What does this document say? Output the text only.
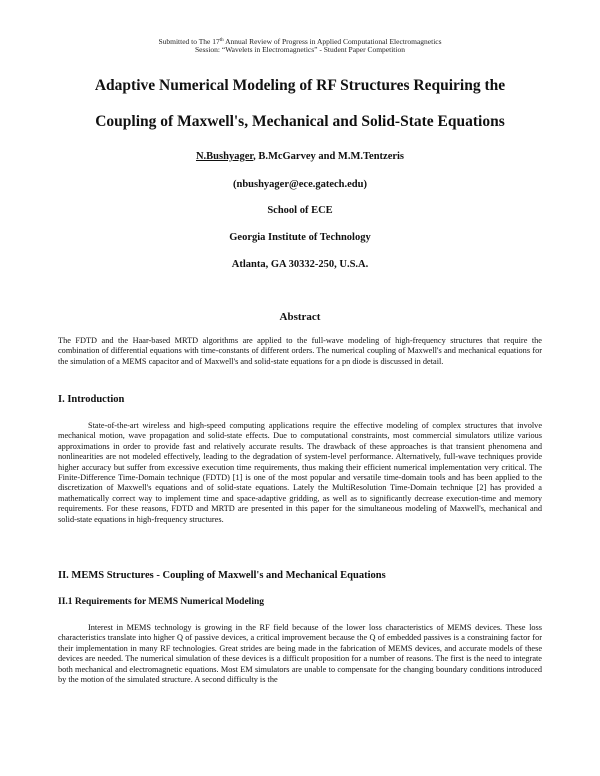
Submitted to The 17th Annual Review of Progress in Applied Computational Electromagnetics
Session: “Wavelets in Electromagnetics” - Student Paper Competition
Adaptive Numerical Modeling of RF Structures Requiring the
Coupling of Maxwell's, Mechanical and Solid-State Equations
N.Bushyager, B.McGarvey and M.M.Tentzeris
(nbushyager@ece.gatech.edu)
School of ECE
Georgia Institute of Technology
Atlanta, GA 30332-250, U.S.A.
Abstract
The FDTD and the Haar-based MRTD algorithms are applied to the full-wave modeling of high-frequency structures that require the combination of differential equations with time-constants of different orders. The numerical coupling of Maxwell's and mechanical equations for the simulation of a MEMS capacitor and of Maxwell's and solid-state equations for a pn diode is discussed in detail.
I. Introduction
State-of-the-art wireless and high-speed computing applications require the effective modeling of complex structures that involve mechanical motion, wave propagation and solid-state effects. Due to computational constraints, most commercial simulators utilize various approximations in order to provide fast and relatively accurate results. The drawback of these approaches is that transient phenomena and nonlinearities are not modeled effectively, leading to the degradation of system-level performance. Alternatively, full-wave techniques provide higher accuracy but suffer from excessive execution time requirements, thus making their efficient numerical implementation very critical. The Finite-Difference Time-Domain technique (FDTD) [1] is one of the most popular and versatile time-domain tools and has been applied to the discretization of Maxwell's equations and of solid-state equations. Lately the MultiResolution Time-Domain technique [2] has provided a mathematically correct way to implement time and space-adaptive gridding, as well as to significantly decrease execution-time and memory requirements. For these reasons, FDTD and MRTD are presented in this paper for the simultaneous modeling of Maxwell's, mechanical and solid-state equations in high-frequency structures.
II. MEMS Structures - Coupling of Maxwell's and Mechanical Equations
II.1 Requirements for MEMS Numerical Modeling
Interest in MEMS technology is growing in the RF field because of the lower loss characteristics of MEMS devices. These loss characteristics translate into higher Q of passive devices, a critical improvement because the Q of embedded passives is a constraining factor for their implementation in many RF technologies. Great strides are being made in the fabrication of MEMS devices, and accurate models of these devices are needed. The numerical simulation of these devices is a difficult proposition for a number of reasons. The first is the need to integrate both mechanical and electromagnetic equations. Most EM simulators are unable to compensate for the changing boundary conditions introduced by the motion of the simulated structure. A second difficulty is the
